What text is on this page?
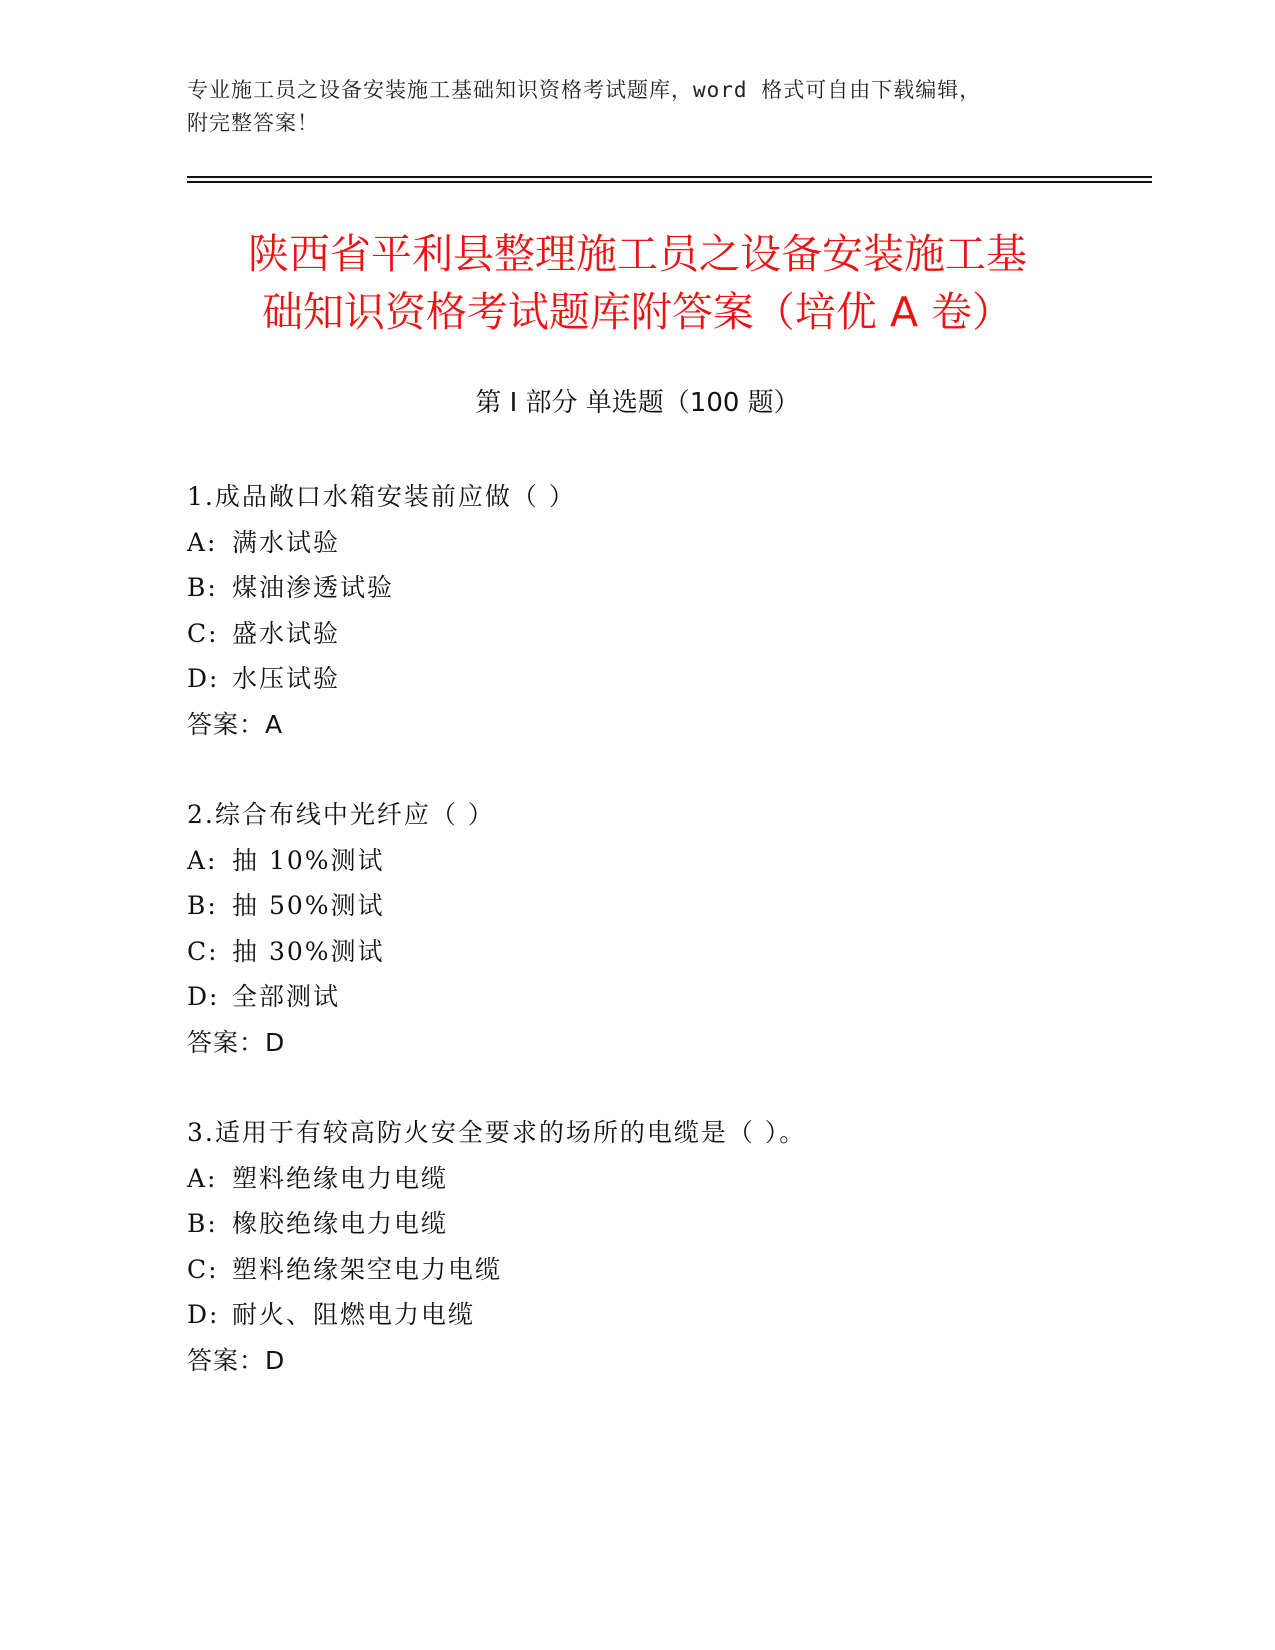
专业施工员之设备安装施工基础知识资格考试题库，word 格式可自由下载编辑，
附完整答案！
陕西省平利县整理施工员之设备安装施工基
础知识资格考试题库附答案（培优 A 卷）
第 I 部分 单选题（100 题）
1.成品敞口水箱安装前应做（ ）
A: 满水试验
B: 煤油渗透试验
C: 盛水试验
D: 水压试验
答案：A
2.综合布线中光纤应（ ）
A: 抽 10%测试
B: 抽 50%测试
C: 抽 30%测试
D: 全部测试
答案：D
3.适用于有较高防火安全要求的场所的电缆是（ ）。
A: 塑料绝缘电力电缆
B: 橡胶绝缘电力电缆
C: 塑料绝缘架空电力电缆
D: 耐火、阻燃电力电缆
答案：D
